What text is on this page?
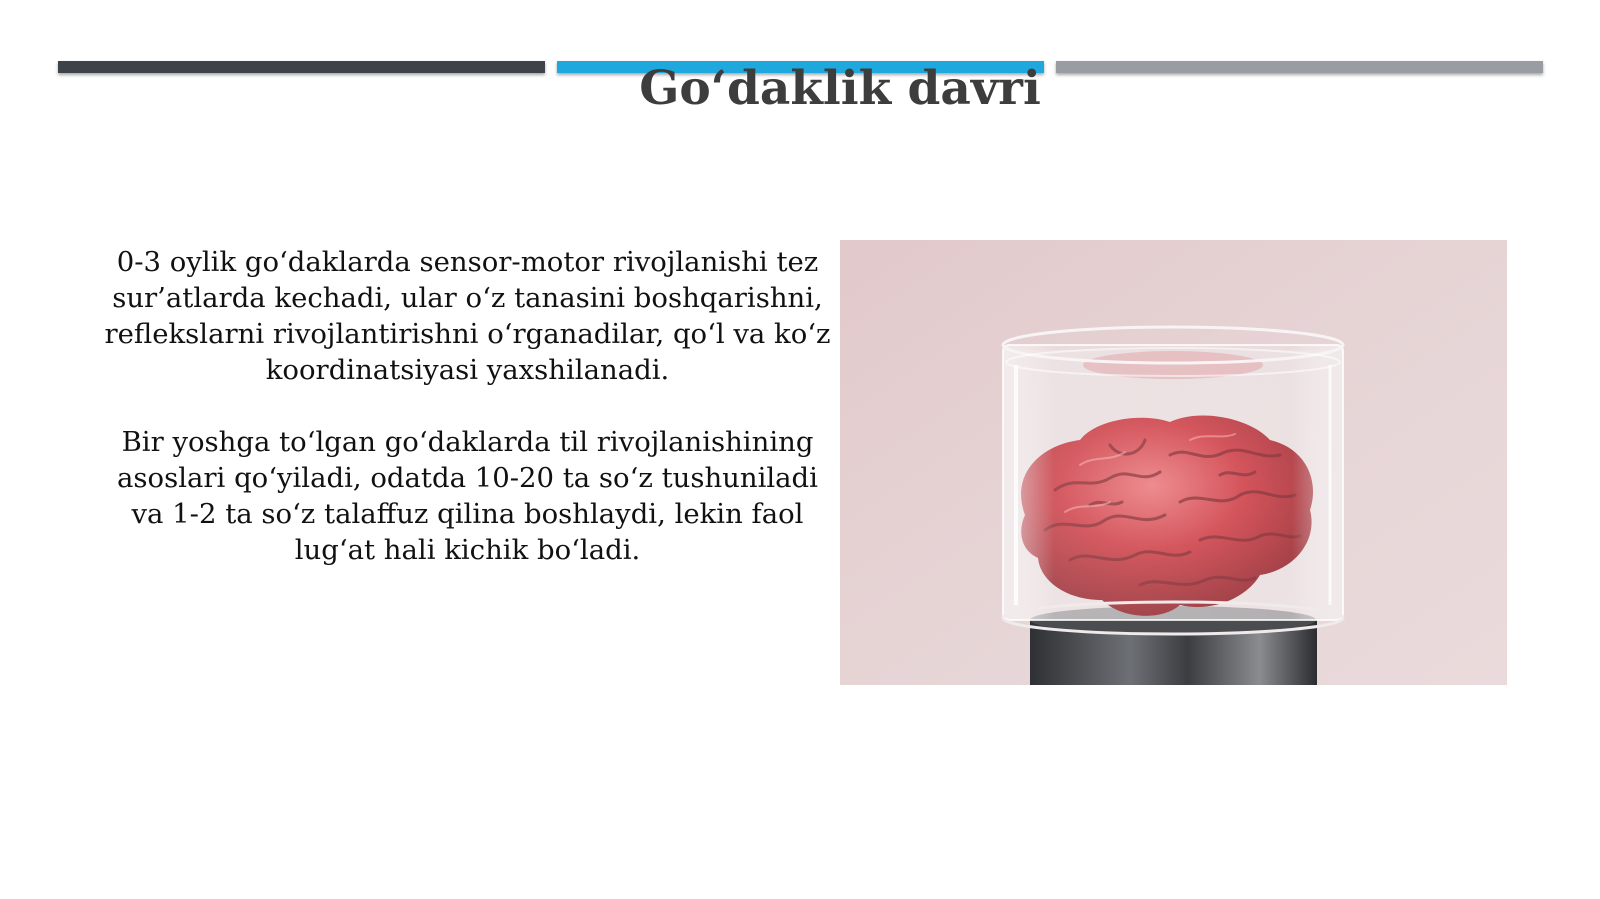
Go‘daklik davri

0-3 oylik go‘daklarda sensor-motor rivojlanishi tez sur’atlarda kechadi, ular o‘z tanasini boshqarishni, reflekslarni rivojlantirishni o‘rganadilar, qo‘l va ko‘z koordinatsiyasi yaxshilanadi.

Bir yoshga to‘lgan go‘daklarda til rivojlanishining asoslari qo‘yiladi, odatda 10-20 ta so‘z tushuniladi va 1-2 ta so‘z talaffuz qilina boshlaydi, lekin faol lug‘at hali kichik bo‘ladi.
